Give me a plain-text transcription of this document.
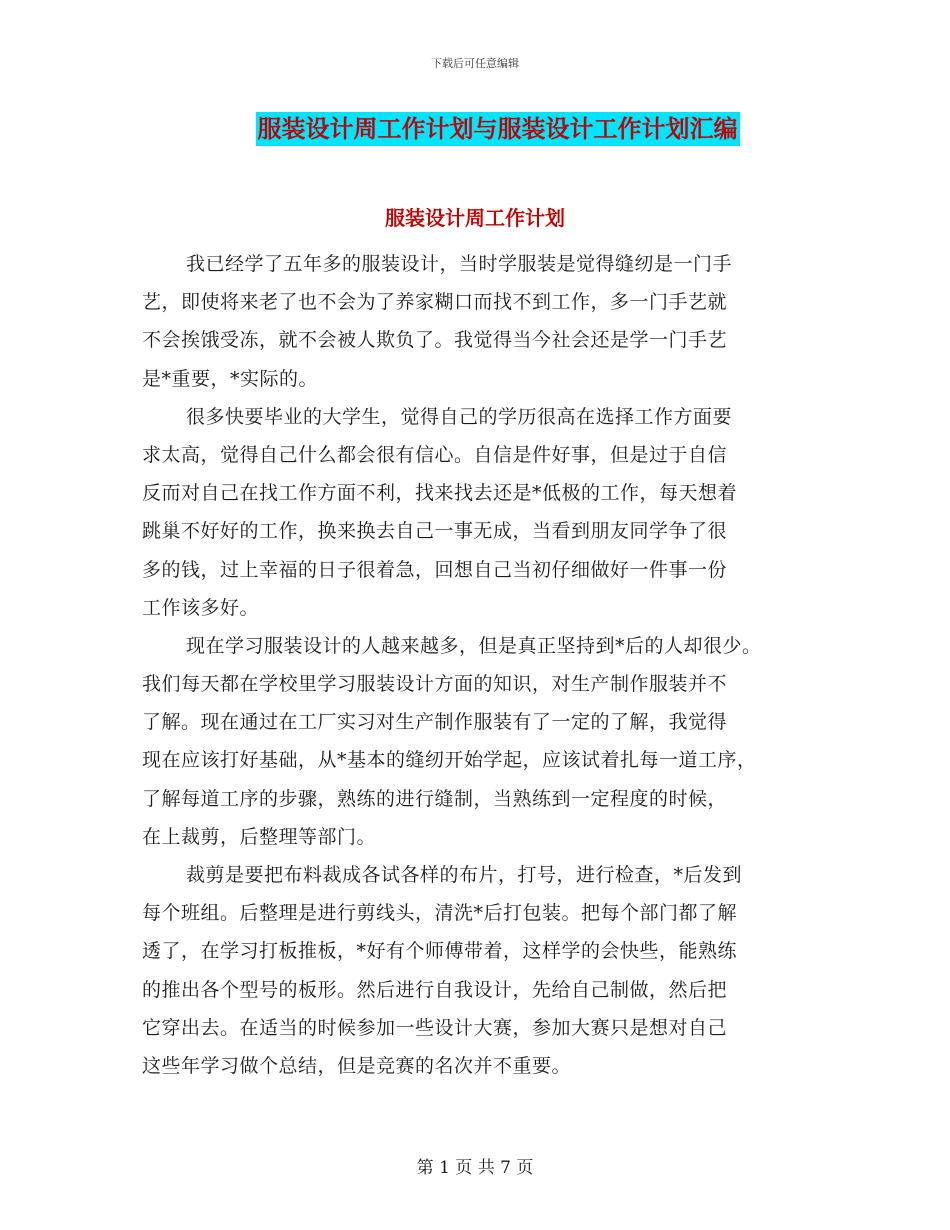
下载后可任意编辑
服装设计周工作计划与服装设计工作计划汇编
服装设计周工作计划
我已经学了五年多的服装设计，当时学服装是觉得缝纫是一门手
艺，即使将来老了也不会为了养家糊口而找不到工作，多一门手艺就
不会挨饿受冻，就不会被人欺负了。我觉得当今社会还是学一门手艺
是*重要，*实际的。
很多快要毕业的大学生，觉得自己的学历很高在选择工作方面要
求太高，觉得自己什么都会很有信心。自信是件好事，但是过于自信
反而对自己在找工作方面不利，找来找去还是*低极的工作，每天想着
跳巢不好好的工作，换来换去自己一事无成，当看到朋友同学争了很
多的钱，过上幸福的日子很着急，回想自己当初仔细做好一件事一份
工作该多好。
现在学习服装设计的人越来越多，但是真正坚持到*后的人却很少。
我们每天都在学校里学习服装设计方面的知识，对生产制作服装并不
了解。现在通过在工厂实习对生产制作服装有了一定的了解，我觉得
现在应该打好基础，从*基本的缝纫开始学起，应该试着扎每一道工序，
了解每道工序的步骤，熟练的进行缝制，当熟练到一定程度的时候，
在上裁剪，后整理等部门。
裁剪是要把布料裁成各试各样的布片，打号，进行检查，*后发到
每个班组。后整理是进行剪线头，清洗*后打包装。把每个部门都了解
透了，在学习打板推板，*好有个师傅带着，这样学的会快些，能熟练
的推出各个型号的板形。然后进行自我设计，先给自己制做，然后把
它穿出去。在适当的时候参加一些设计大赛，参加大赛只是想对自己
这些年学习做个总结，但是竞赛的名次并不重要。
第 1 页 共 7 页
